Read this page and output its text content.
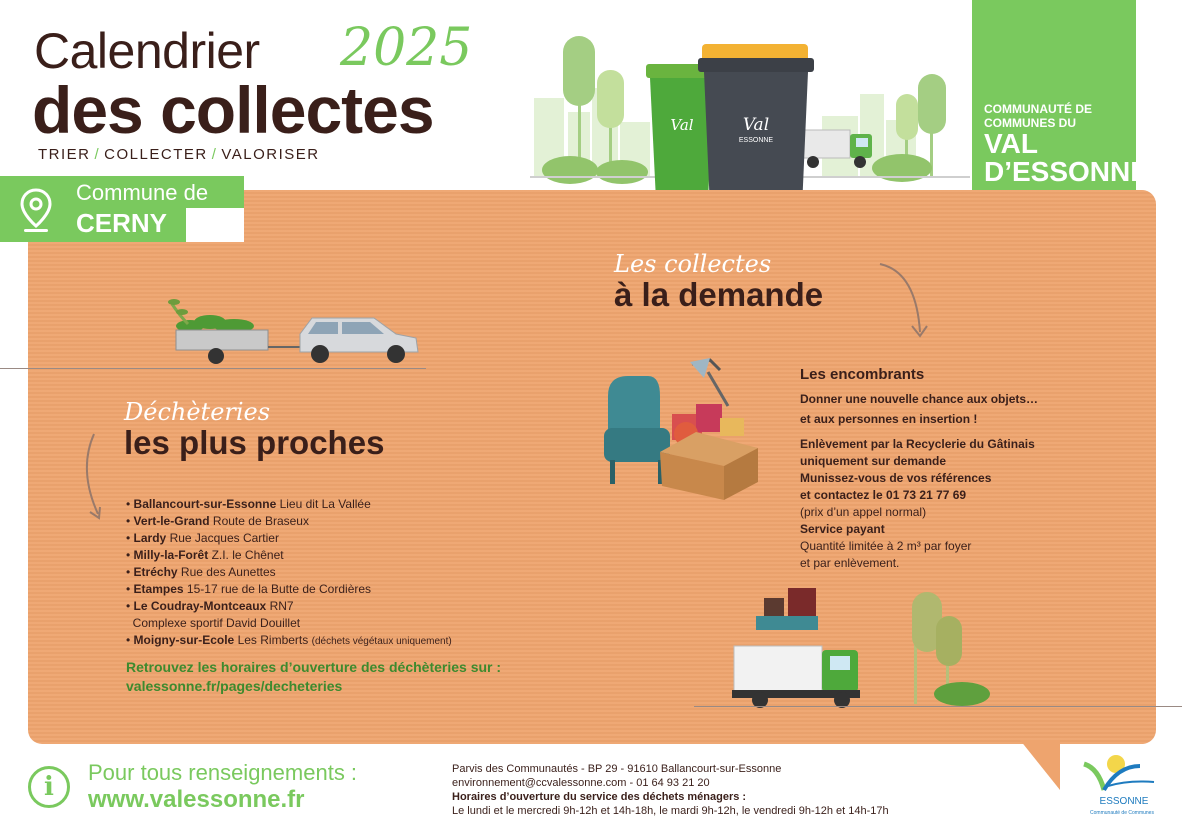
Calendrier 2025
des collectes
TRIER / COLLECTER / VALORISER
Val	Val
ESSONNE
COMMUNAUTÉ DE COMMUNES DU
VAL D’ESSONNE
Commune de
CERNY
Déchèteries
les plus proches
• Ballancourt-sur-Essonne Lieu dit La Vallée
• Vert-le-Grand Route de Braseux
• Lardy Rue Jacques Cartier
• Milly-la-Forêt Z.I. le Chênet
• Etréchy Rue des Aunettes
• Etampes 15-17 rue de la Butte de Cordières
• Le Coudray-Montceaux RN7
Complexe sportif David Douillet
• Moigny-sur-Ecole Les Rimberts (déchets végétaux uniquement)
Retrouvez les horaires d’ouverture des déchèteries sur :
valessonne.fr/pages/decheteries
Les collectes
à la demande
Les encombrants
Donner une nouvelle chance aux objets…
et aux personnes en insertion !
Enlèvement par la Recyclerie du Gâtinais
uniquement sur demande
Munissez-vous de vos références
et contactez le 01 73 21 77 69
(prix d’un appel normal)
Service payant
Quantité limitée à 2 m³ par foyer
et par enlèvement.
i	Pour tous renseignements :
www.valessonne.fr
Parvis des Communautés - BP 29 - 91610 Ballancourt-sur-Essonne
environnement@ccvalessonne.com - 01 64 93 21 20
Horaires d’ouverture du service des déchets ménagers :
Le lundi et le mercredi 9h-12h et 14h-18h, le mardi 9h-12h, le vendredi 9h-12h et 14h-17h
ESSONNE
Communauté de Communes
